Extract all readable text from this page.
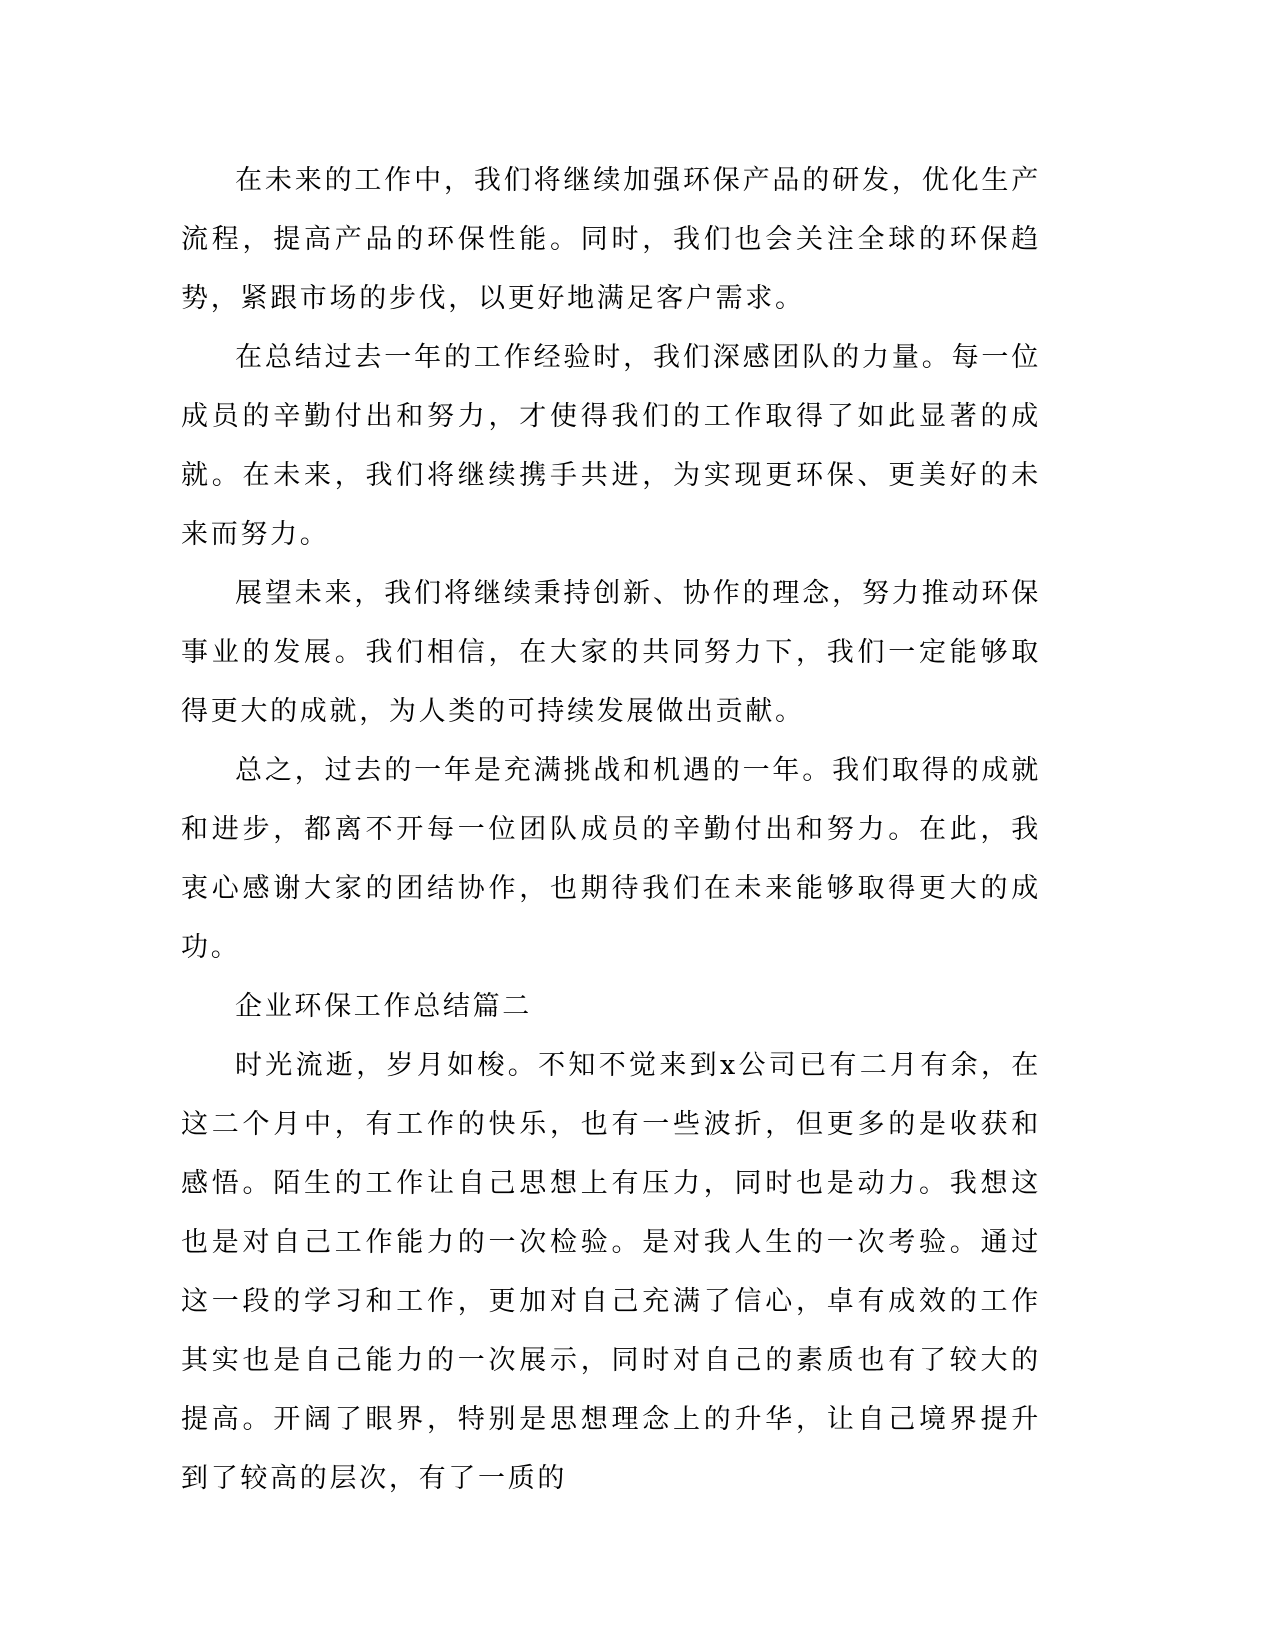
在未来的工作中，我们将继续加强环保产品的研发，优化生产流程，提高产品的环保性能。同时，我们也会关注全球的环保趋势，紧跟市场的步伐，以更好地满足客户需求。

在总结过去一年的工作经验时，我们深感团队的力量。每一位成员的辛勤付出和努力，才使得我们的工作取得了如此显著的成就。在未来，我们将继续携手共进，为实现更环保、更美好的未来而努力。

展望未来，我们将继续秉持创新、协作的理念，努力推动环保事业的发展。我们相信，在大家的共同努力下，我们一定能够取得更大的成就，为人类的可持续发展做出贡献。

总之，过去的一年是充满挑战和机遇的一年。我们取得的成就和进步，都离不开每一位团队成员的辛勤付出和努力。在此，我衷心感谢大家的团结协作，也期待我们在未来能够取得更大的成功。

企业环保工作总结篇二

时光流逝，岁月如梭。不知不觉来到x公司已有二月有余，在这二个月中，有工作的快乐，也有一些波折，但更多的是收获和感悟。陌生的工作让自己思想上有压力，同时也是动力。我想这也是对自己工作能力的一次检验。是对我人生的一次考验。通过这一段的学习和工作，更加对自己充满了信心，卓有成效的工作其实也是自己能力的一次展示，同时对自己的素质也有了较大的提高。开阔了眼界，特别是思想理念上的升华，让自己境界提升到了较高的层次，有了一质的
